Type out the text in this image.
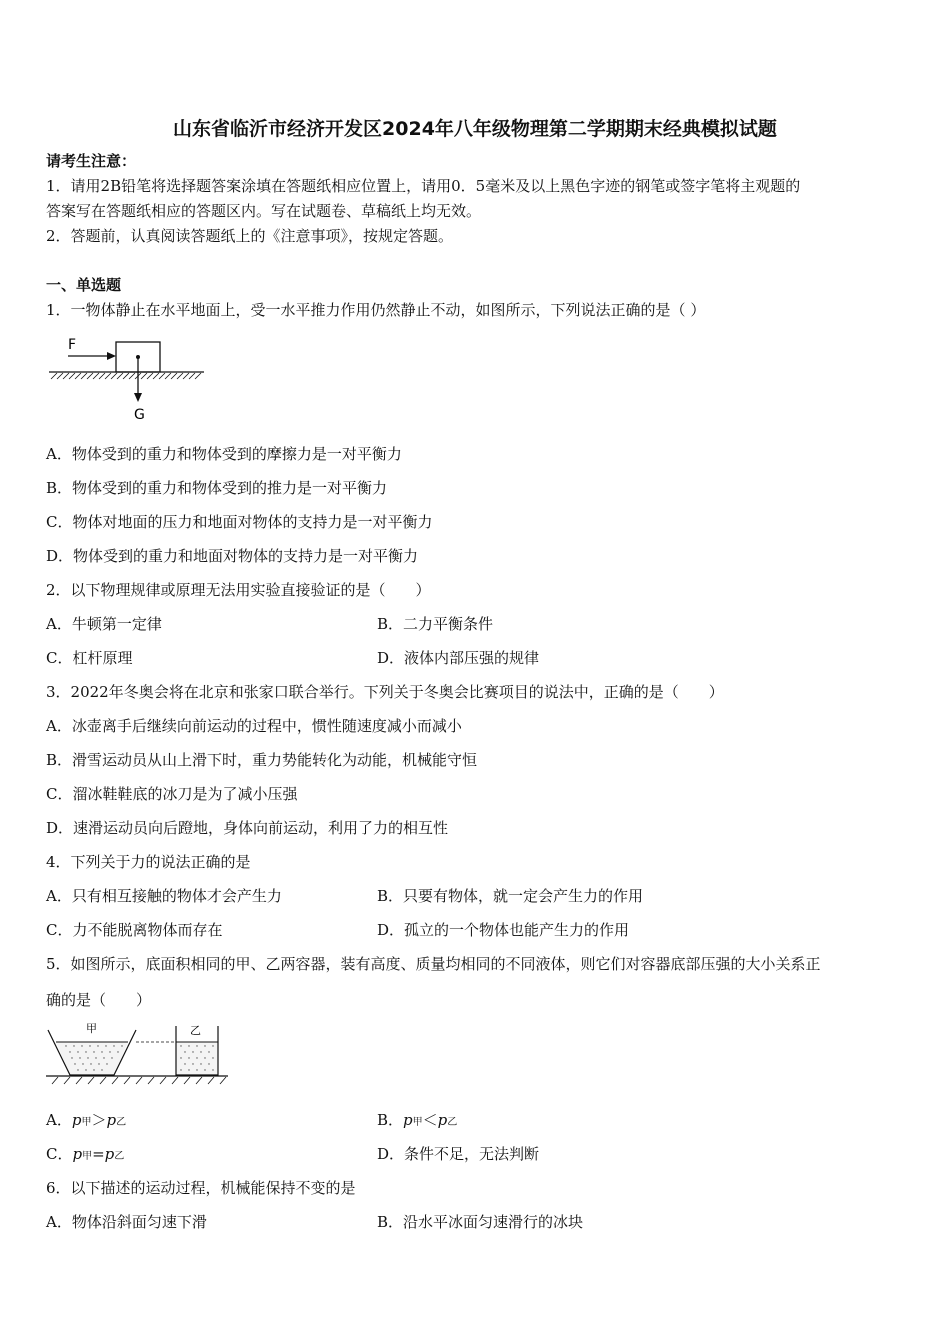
山东省临沂市经济开发区2024年八年级物理第二学期期末经典模拟试题
请考生注意：
1．请用2B铅笔将选择题答案涂填在答题纸相应位置上，请用0．5毫米及以上黑色字迹的钢笔或签字笔将主观题的
答案写在答题纸相应的答题区内。写在试题卷、草稿纸上均无效。
2．答题前，认真阅读答题纸上的《注意事项》，按规定答题。
一、单选题
1．一物体静止在水平地面上，受一水平推力作用仍然静止不动，如图所示，下列说法正确的是（ ）
F
G
A．物体受到的重力和物体受到的摩擦力是一对平衡力
B．物体受到的重力和物体受到的推力是一对平衡力
C．物体对地面的压力和地面对物体的支持力是一对平衡力
D．物体受到的重力和地面对物体的支持力是一对平衡力
2．以下物理规律或原理无法用实验直接验证的是（　　）
A．牛顿第一定律	B．二力平衡条件
C．杠杆原理	D．液体内部压强的规律
3．2022年冬奥会将在北京和张家口联合举行。下列关于冬奥会比赛项目的说法中，正确的是（　　）
A．冰壶离手后继续向前运动的过程中，惯性随速度减小而减小
B．滑雪运动员从山上滑下时，重力势能转化为动能，机械能守恒
C．溜冰鞋鞋底的冰刀是为了减小压强
D．速滑运动员向后蹬地，身体向前运动，利用了力的相互性
4．下列关于力的说法正确的是
A．只有相互接触的物体才会产生力	B．只要有物体，就一定会产生力的作用
C．力不能脱离物体而存在	D．孤立的一个物体也能产生力的作用
5．如图所示，底面积相同的甲、乙两容器，装有高度、质量均相同的不同液体，则它们对容器底部压强的大小关系正
确的是（　　）
甲	乙
A．p甲＞p乙	B．p甲＜p乙
C．p甲=p乙	D．条件不足，无法判断
6．以下描述的运动过程，机械能保持不变的是
A．物体沿斜面匀速下滑	B．沿水平冰面匀速滑行的冰块
